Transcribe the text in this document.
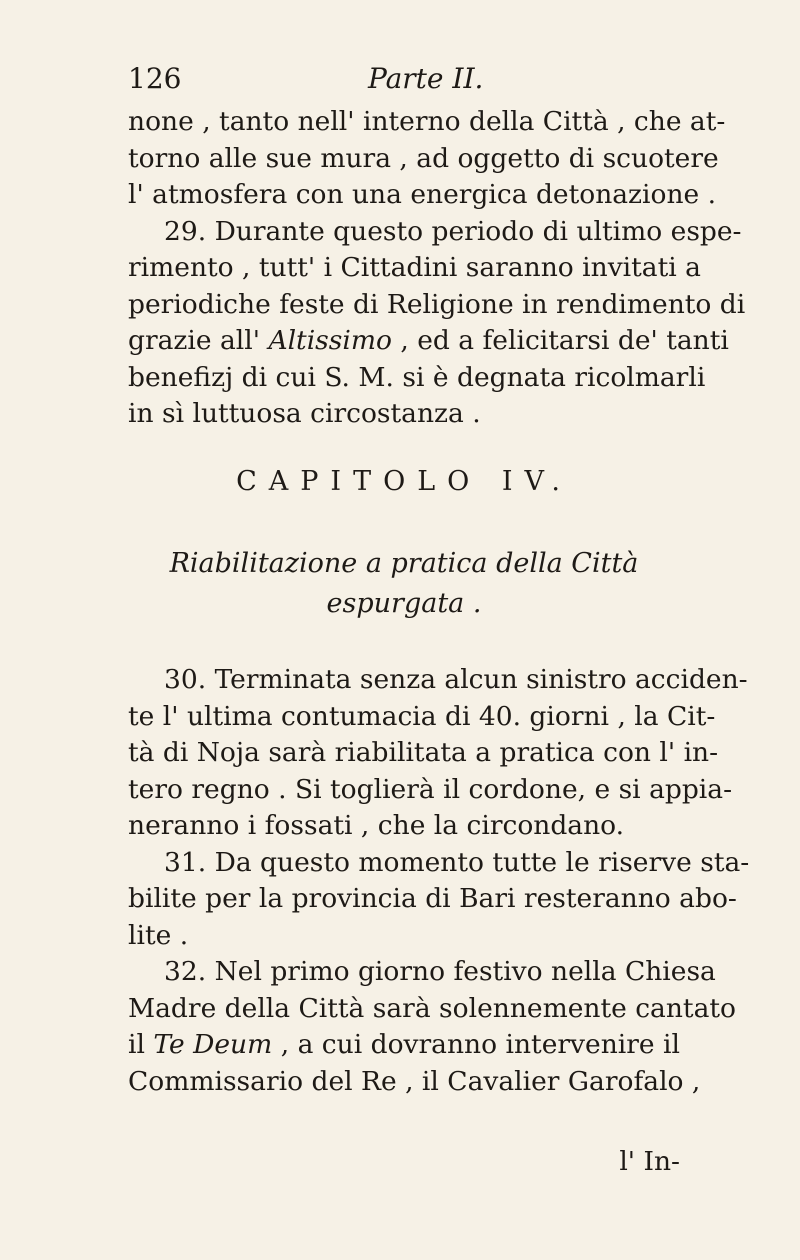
126	Parte II.
none , tanto nell' interno della Città , che at-
torno alle sue mura , ad oggetto di scuotere
l' atmosfera con una energica detonazione .
29. Durante questo periodo di ultimo espe-
rimento , tutt' i Cittadini saranno invitati a
periodiche feste di Religione in rendimento di
grazie all' Altissimo , ed a felicitarsi de' tanti
benefizj di cui S. M. si è degnata ricolmarli
in sì luttuosa circostanza .
CAPITOLO IV.
Riabilitazione a pratica della Città
espurgata .
30. Terminata senza alcun sinistro acciden-
te l' ultima contumacia di 40. giorni , la Cit-
tà di Noja sarà riabilitata a pratica con l' in-
tero regno . Si toglierà il cordone, e si appia-
neranno i fossati , che la circondano.
31. Da questo momento tutte le riserve sta-
bilite per la provincia di Bari resteranno abo-
lite .
32. Nel primo giorno festivo nella Chiesa
Madre della Città sarà solennemente cantato
il Te Deum , a cui dovranno intervenire il
Commissario del Re , il Cavalier Garofalo ,
l' In-
